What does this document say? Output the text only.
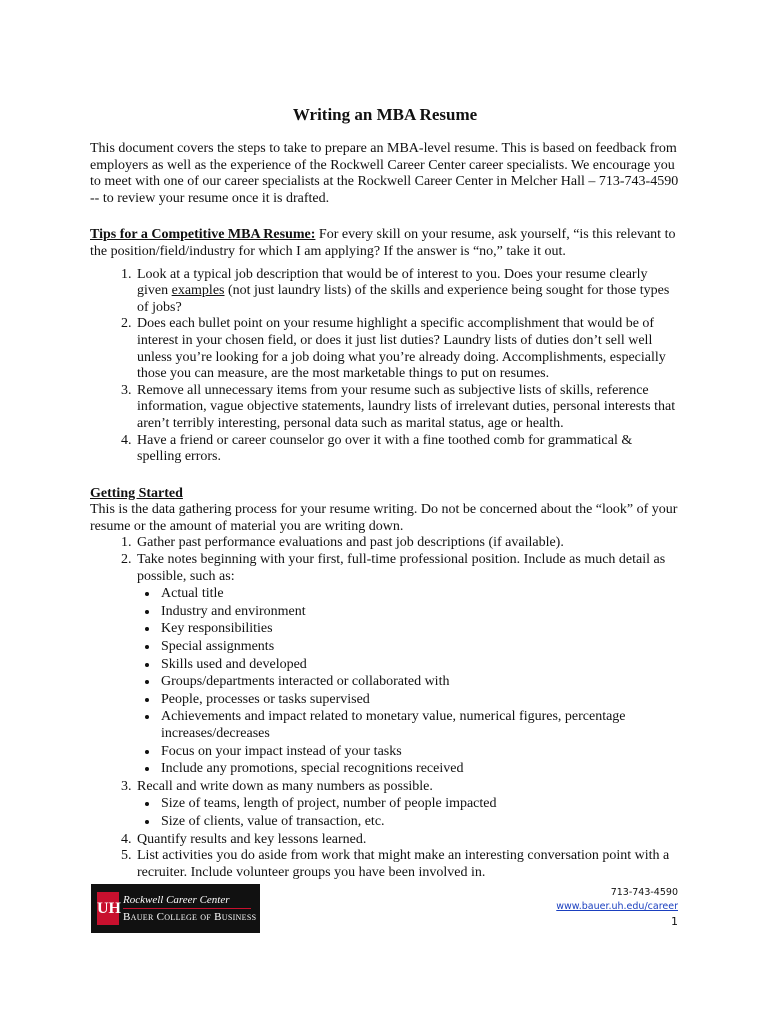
Writing an MBA Resume

This document covers the steps to take to prepare an MBA-level resume. This is based on feedback from employers as well as the experience of the Rockwell Career Center career specialists. We encourage you to meet with one of our career specialists at the Rockwell Career Center in Melcher Hall – 713-743-4590 -- to review your resume once it is drafted.

Tips for a Competitive MBA Resume: For every skill on your resume, ask yourself, “is this relevant to the position/field/industry for which I am applying? If the answer is “no,” take it out.

1. Look at a typical job description that would be of interest to you. Does your resume clearly given examples (not just laundry lists) of the skills and experience being sought for those types of jobs?
2. Does each bullet point on your resume highlight a specific accomplishment that would be of interest in your chosen field, or does it just list duties? Laundry lists of duties don’t sell well unless you’re looking for a job doing what you’re already doing. Accomplishments, especially those you can measure, are the most marketable things to put on resumes.
3. Remove all unnecessary items from your resume such as subjective lists of skills, reference information, vague objective statements, laundry lists of irrelevant duties, personal interests that aren’t terribly interesting, personal data such as marital status, age or health.
4. Have a friend or career counselor go over it with a fine toothed comb for grammatical & spelling errors.

Getting Started

This is the data gathering process for your resume writing. Do not be concerned about the “look” of your resume or the amount of material you are writing down.

1. Gather past performance evaluations and past job descriptions (if available).
2. Take notes beginning with your first, full-time professional position. Include as much detail as possible, such as:
• Actual title
• Industry and environment
• Key responsibilities
• Special assignments
• Skills used and developed
• Groups/departments interacted or collaborated with
• People, processes or tasks supervised
• Achievements and impact related to monetary value, numerical figures, percentage increases/decreases
• Focus on your impact instead of your tasks
• Include any promotions, special recognitions received
3. Recall and write down as many numbers as possible.
• Size of teams, length of project, number of people impacted
• Size of clients, value of transaction, etc.
4. Quantify results and key lessons learned.
5. List activities you do aside from work that might make an interesting conversation point with a recruiter. Include volunteer groups you have been involved in.
UH Rockwell Career Center
Bauer College of Business
713-743-4590
www.bauer.uh.edu/career
1
